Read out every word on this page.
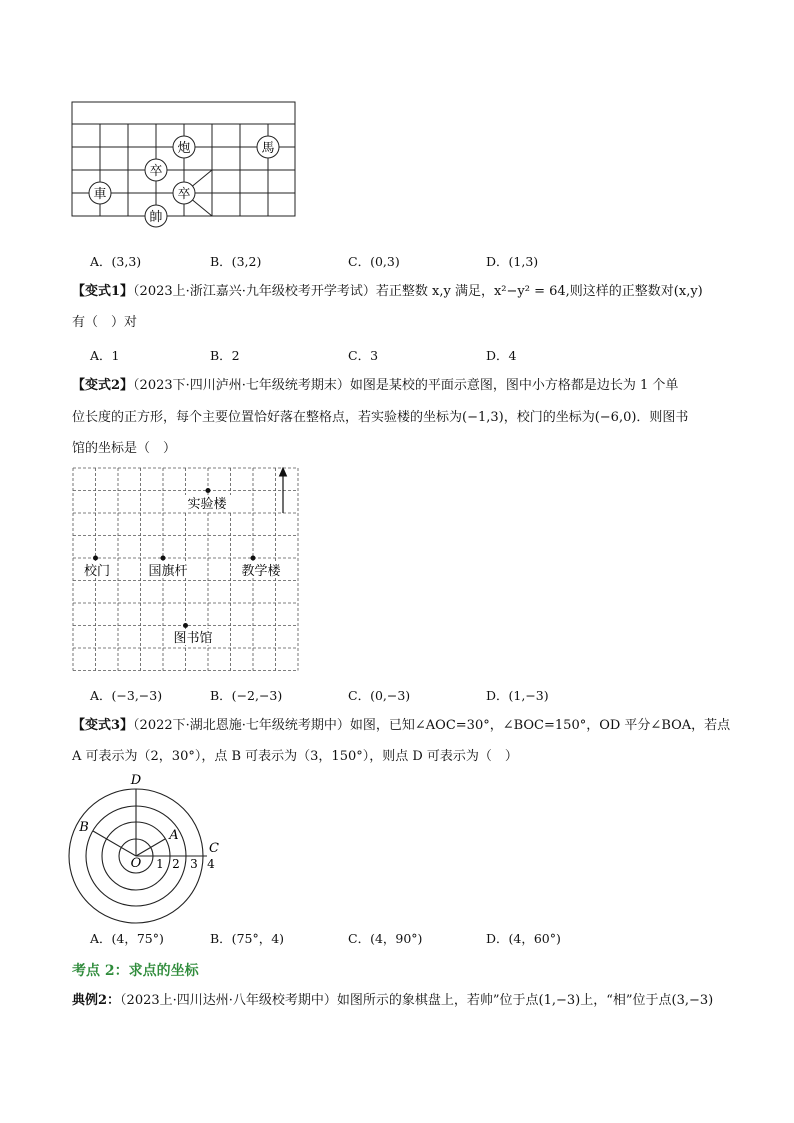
炮	馬
卒
卒
車
帥
A．(3,3)	B．(3,2)	C．(0,3)	D．(1,3)
【变式1】（2023上·浙江嘉兴·九年级校考开学考试）若正整数 x,y 满足，x²−y² = 64,则这样的正整数对(x,y)
有（　）对
A．1	B．2	C．3	D．4
【变式2】（2023下·四川泸州·七年级统考期末）如图是某校的平面示意图，图中小方格都是边长为 1 个单
位长度的正方形，每个主要位置恰好落在整格点，若实验楼的坐标为(−1,3)，校门的坐标为(−6,0)．则图书
馆的坐标是（　）
实验楼
校门	国旗杆	教学楼
图书馆
A．(−3,−3)	B．(−2,−3)	C．(0,−3)	D．(1,−3)
【变式3】（2022下·湖北恩施·七年级统考期中）如图，已知∠AOC=30°，∠BOC=150°，OD 平分∠BOA，若点
A 可表示为（2，30°），点 B 可表示为（3，150°），则点 D 可表示为（　）
D
B
A
C
O 1 2 3 4
A．(4，75°)	B．(75°，4)	C．(4，90°)	D．(4，60°)
考点 2：求点的坐标
典例2：（2023上·四川达州·八年级校考期中）如图所示的象棋盘上，若帅”位于点(1,−3)上，“相”位于点(3,−3)
